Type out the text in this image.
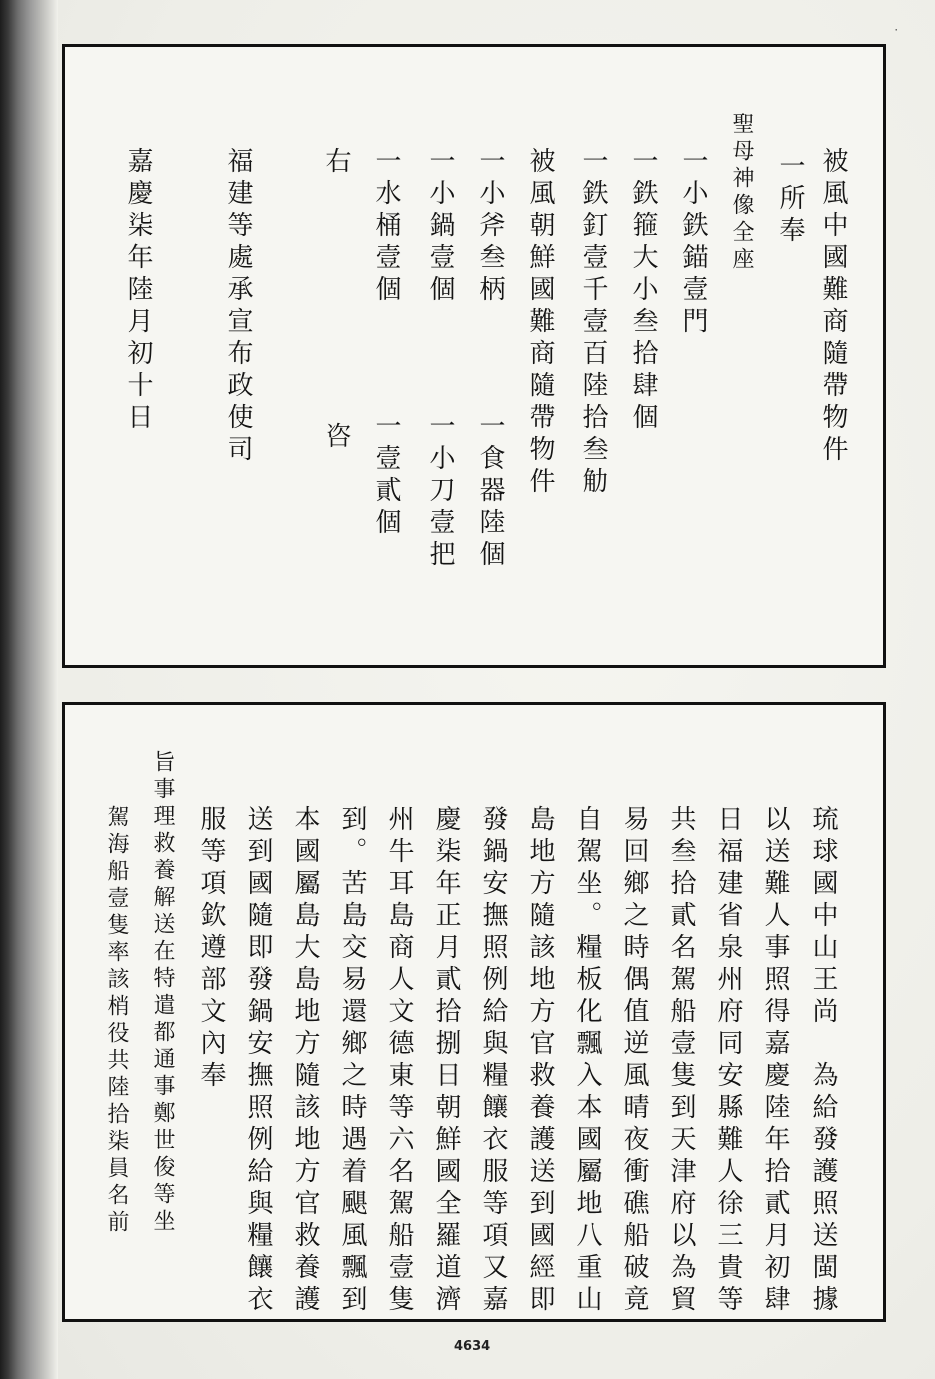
٠
被風中國難商隨帶物件
一所奉
聖母神像全座
一小鉄錨壹門
一鉄箍大小叁拾肆個
一鉄釘壹千壹百陸拾叁觔
被風朝鮮國難商隨帶物件
一小斧叁柄
一小鍋壹個
一水桶壹個
右
福建等處承宣布政使司
嘉慶柒年陸月初十日
一食器陸個
一小刀壹把
一壹貳個
咨
琉球國中山王尚　為給發護照送閩據
以送難人事照得嘉慶陸年拾貳月初肆
日福建省泉州府同安縣難人徐三貴等
共叁拾貳名駕船壹隻到天津府以為貿
易回鄉之時偶值逆風晴夜衝礁船破竟
自駕坐。糧板化飄入本國屬地八重山
島地方隨該地方官救養護送到國經即
發鍋安撫照例給與糧饟衣服等項又嘉
慶柒年正月貳拾捌日朝鮮國全羅道濟
州牛耳島商人文德東等六名駕船壹隻
到。苦島交易還鄉之時遇着颶風飄到
本國屬島大島地方隨該地方官救養護
送到國隨即發鍋安撫照例給與糧饟衣
服等項欽遵部文內奉
旨事理救養解送在特遣都通事鄭世俊等坐
駕海船壹隻率該梢役共陸拾柒員名前
4634
